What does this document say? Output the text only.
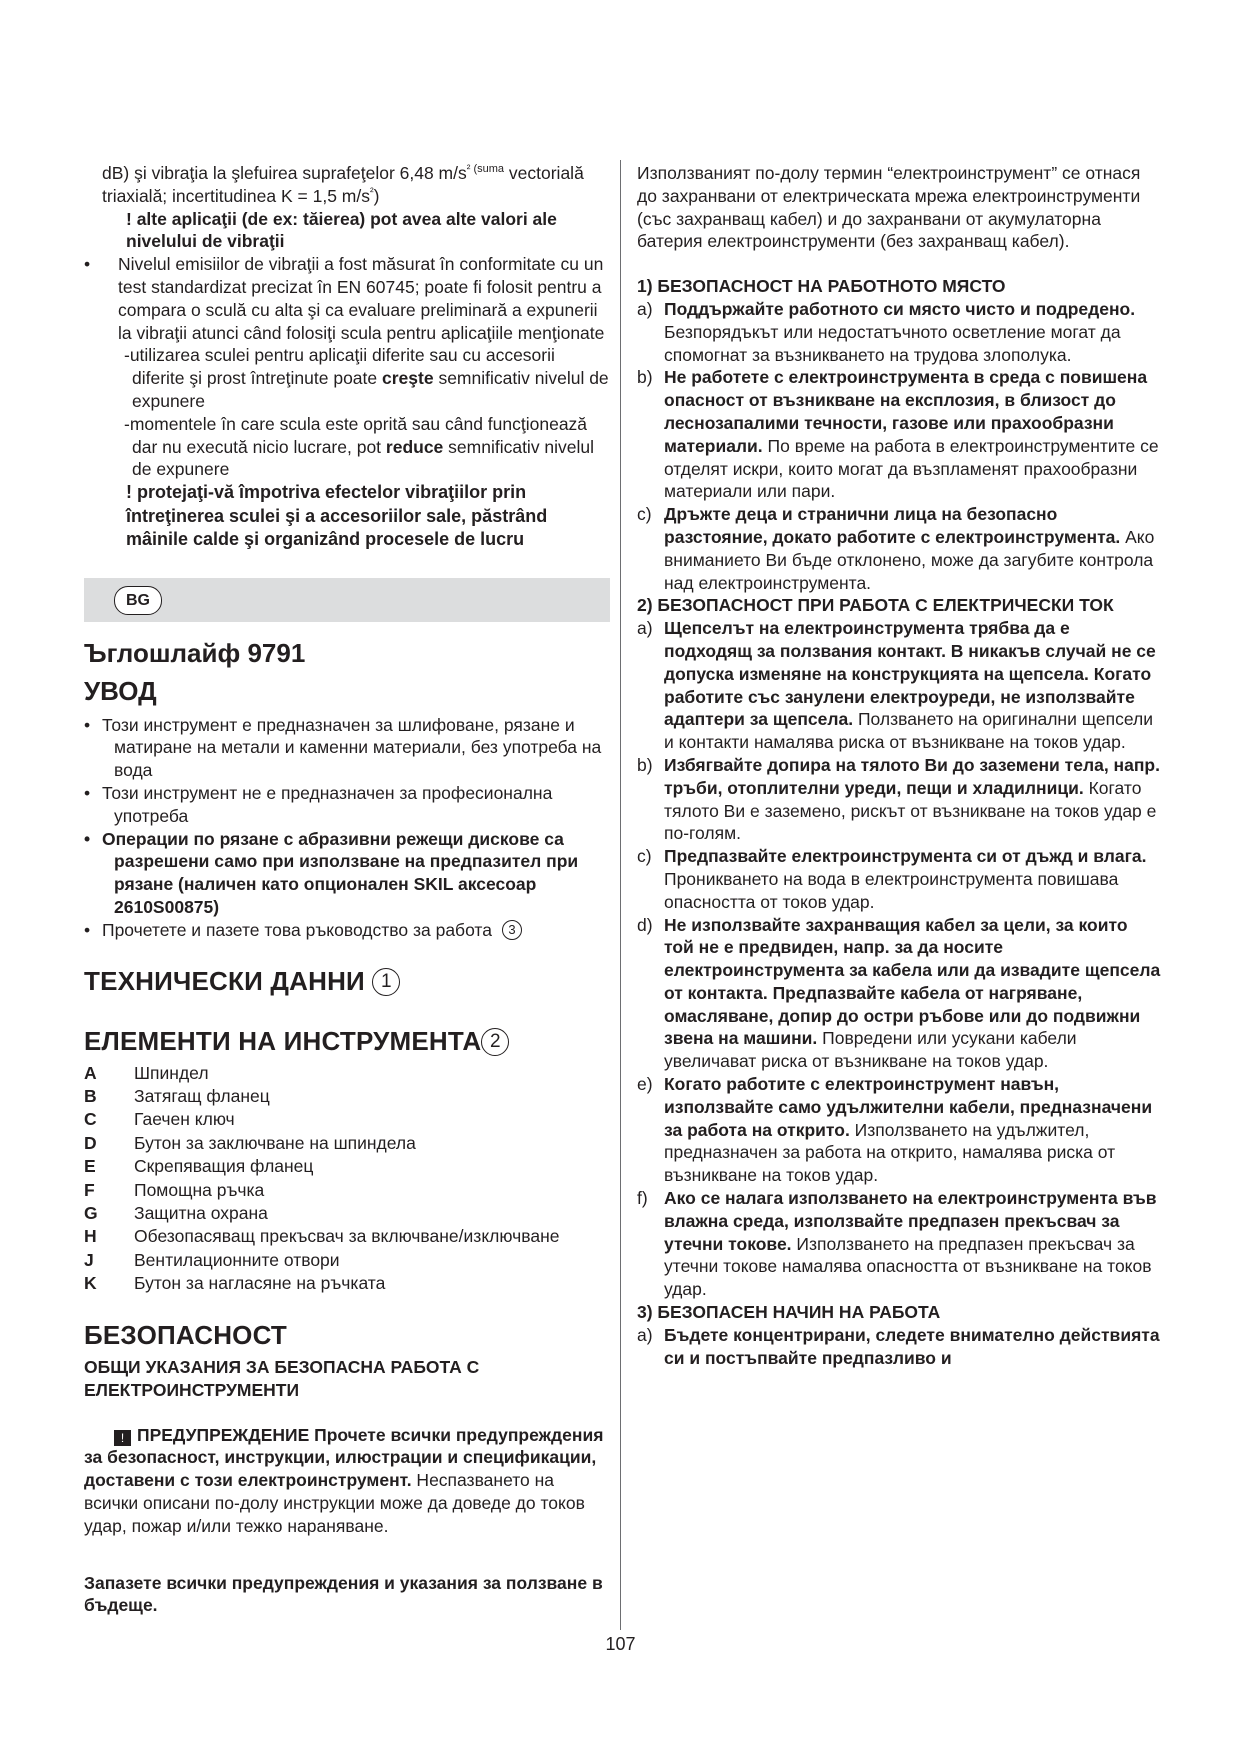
dB) şi vibraţia la şlefuirea suprafeţelor 6,48 $m/s^{^2 (suma}$ vectorială triaxială; incertitudinea K = 1,5 $m/s^{^2}$)

! alte aplicaţii (de ex: tăierea) pot avea alte valori ale nivelului de vibraţii

• Nivelul emisiilor de vibraţii a fost măsurat în conformitate cu un test standardizat precizat în EN 60745; poate fi folosit pentru a compara o sculă cu alta şi ca evaluare preliminară a expunerii la vibraţii atunci când folosiţi scula pentru aplicaţiile menţionate

-utilizarea sculei pentru aplicaţii diferite sau cu accesorii diferite şi prost întreţinute poate creşte semnificativ nivelul de expunere

-momentele în care scula este oprită sau când funcţionează dar nu execută nicio lucrare, pot reduce semnificativ nivelul de expunere

! protejaţi-vă împotriva efectelor vibraţiilor prin întreţinerea sculei şi a accesoriilor sale, păstrând mâinile calde şi organizând procesele de lucru

BG
Ъглошлайф 9791
УВОД

• Този инструмент е предназначен за шлифоване, рязане и матиране на метали и каменни материали, без употреба на вода

• Този инструмент не е предназначен за професионална употреба

• Операции по рязане с абразивни режещи дискове са разрешени само при използване на предпазител при рязане (наличен като опционален SKIL аксесоар 2610S00875)

• Прочетете и пазете това ръководство за работа 3

ТЕХНИЧЕСКИ ДАННИ 1
ЕЛЕМЕНТИ НА ИНСТРУМЕНТА 2
A	Шпиндел
B	Затягащ фланец
C	Гаечен ключ
D	Бутон за заключване на шпиндела
E	Скрепяващия фланец
F	Помощна ръчка
G	Защитна охрана
H	Обезопасяващ прекъсвач за включване/изключване
J	Вентилационните отвори
K	Бутон за нагласяне на ръчката
БЕЗОПАСНОСТ
ОБЩИ УКАЗАНИЯ ЗА БЕЗОПАСНА РАБОТА С ЕЛЕКТРОИНСТРУМЕНТИ

! ПРЕДУПРЕЖДЕНИЕ Прочете всички предупреждения за безопасност, инструкции, илюстрации и спецификации, доставени с този електроинструмент. Неспазването на всички описани по-долу инструкции може да доведе до токов удар, пожар и/или тежко нараняване.

Запазете всички предупреждения и указания за ползване в бъдеще.

Използваният по-долу термин “електроинструмент” се отнася до захранвани от електрическата мрежа електроинструменти (със захранващ кабел) и до захранвани от акумулаторна батерия електроинструменти (без захранващ кабел).

1) БЕЗОПАСНОСТ НА РАБОТНОТО МЯСТО

a) Поддържайте работното си място чисто и подредено. Безпорядъкът или недостатъчното осветление могат да спомогнат за възникването на трудова злополука.

b) Не работете с електроинструмента в среда с повишена опасност от възникване на експлозия, в близост до леснозапалими течности, газове или прахообразни материали. По време на работа в електроинструментите се отделят искри, които могат да възпламенят прахообразни материали или пари.

c) Дръжте деца и странични лица на безопасно разстояние, докато работите с електроинструмента. Ако вниманието Ви бъде отклонено, може да загубите контрола над електроинструмента.

2) БЕЗОПАСНОСТ ПРИ РАБОТА С ЕЛЕКТРИЧЕСКИ ТОК

a) Щепселът на електроинструмента трябва да е подходящ за ползвания контакт. В никакъв случай не се допуска изменяне на конструкцията на щепсела. Когато работите със занулени електроуреди, не използвайте адаптери за щепсела. Ползването на оригинални щепсели и контакти намалява риска от възникване на токов удар.

b) Избягвайте допира на тялото Ви до заземени тела, напр. тръби, отоплителни уреди, пещи и хладилници. Когато тялото Ви е заземено, рискът от възникване на токов удар е по-голям.

c) Предпазвайте електроинструмента си от дъжд и влага. Проникването на вода в електроинструмента повишава опасността от токов удар.

d) Не използвайте захранващия кабел за цели, за които той не е предвиден, напр. за да носите електроинструмента за кабела или да извадите щепсела от контакта. Предпазвайте кабела от нагряване, омасляване, допир до остри ръбове или до подвижни звена на машини. Повредени или усукани кабели увеличават риска от възникване на токов удар.

e) Когато работите с електроинструмент навън, използвайте само удължителни кабели, предназначени за работа на открито. Използването на удължител, предназначен за работа на открито, намалява риска от възникване на токов удар.

f) Ако се налага използването на електроинструмента във влажна среда, използвайте предпазен прекъсвач за утечни токове. Използването на предпазен прекъсвач за утечни токове намалява опасността от възникване на токов удар.

3) БЕЗОПАСЕН НАЧИН НА РАБОТА

a) Бъдете концентрирани, следете внимателно действията си и постъпвайте предпазливо и

107
